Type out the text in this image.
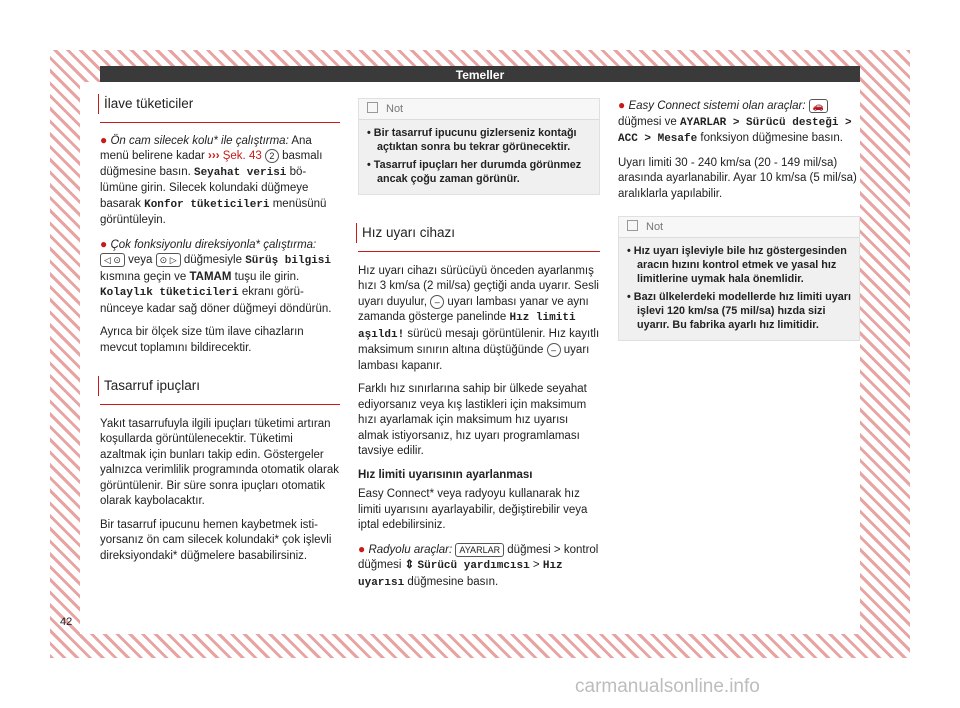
Temeller
İlave tüketiciler

● Ön cam silecek kolu* ile çalıştırma: Ana menü belirene kadar ››› Şek. 43 2 basmalı düğmesine basın. Seyahat verisi bölümüne girin. Silecek kolundaki düğmeye basarak Konfor tüketicileri menüsünü görüntüleyin.

● Çok fonksiyonlu direksiyonla* çalıştırma: ◁ ⊙ veya ⊙ ▷ düğmesiyle Sürüş bilgisi kısmına geçin ve TAMAM tuşu ile girin. Kolaylık tüketicileri ekranı görününceye kadar sağ döner düğmeyi döndürün.

Ayrıca bir ölçek size tüm ilave cihazların mevcut toplamını bildirecektir.

Tasarruf ipuçları

Yakıt tasarrufuyla ilgili ipuçları tüketimi artıran koşullarda görüntülenecektir. Tüketimi azaltmak için bunları takip edin. Göstergeler yalnızca verimlilik programında otomatik olarak görüntülenir. Bir süre sonra ipuçları otomatik olarak kaybolacaktır.

Bir tasarruf ipucunu hemen kaybetmek istiyorsanız ön cam silecek kolundaki* çok işlevli direksiyondaki* düğmelere basabilirsiniz.

Not
• Bir tasarruf ipucunu gizlerseniz kontağı açtıktan sonra bu tekrar görünecektir.
• Tasarruf ipuçları her durumda görünmez ancak çoğu zaman görünür.
Hız uyarı cihazı

Hız uyarı cihazı sürücüyü önceden ayarlanmış hızı 3 km/sa (2 mil/sa) geçtiği anda uyarır. Sesli uyarı duyulur, – uyarı lambası yanar ve aynı zamanda gösterge panelinde Hız limiti aşıldı! sürücü mesajı görüntülenir. Hız kayıtlı maksimum sınırın altına düştüğünde – uyarı lambası kapanır.

Farklı hız sınırlarına sahip bir ülkede seyahat ediyorsanız veya kış lastikleri için maksimum hızı ayarlamak için maksimum hız uyarısı almak istiyorsanız, hız uyarı programlaması tavsiye edilir.

Hız limiti uyarısının ayarlanması

Easy Connect* veya radyoyu kullanarak hız limiti uyarısını ayarlayabilir, değiştirebilir veya iptal edebilirsiniz.

● Radyolu araçlar: AYARLAR düğmesi > kontrol düğmesi ⇕ Sürücü yardımcısı > Hız uyarısı düğmesine basın.

● Easy Connect sistemi olan araçlar: 🚗 düğmesi ve AYARLAR > Sürücü desteği > ACC > Mesafe fonksiyon düğmesine basın.

Uyarı limiti 30 - 240 km/sa (20 - 149 mil/sa) arasında ayarlanabilir. Ayar 10 km/sa (5 mil/sa) aralıklarla yapılabilir.

Not
• Hız uyarı işleviyle bile hız göstergesinden aracın hızını kontrol etmek ve yasal hız limitlerine uymak hala önemlidir.
• Bazı ülkelerdeki modellerde hız limiti uyarı işlevi 120 km/sa (75 mil/sa) hızda sizi uyarır. Bu fabrika ayarlı hız limitidir.
42
carmanualsonline.info
